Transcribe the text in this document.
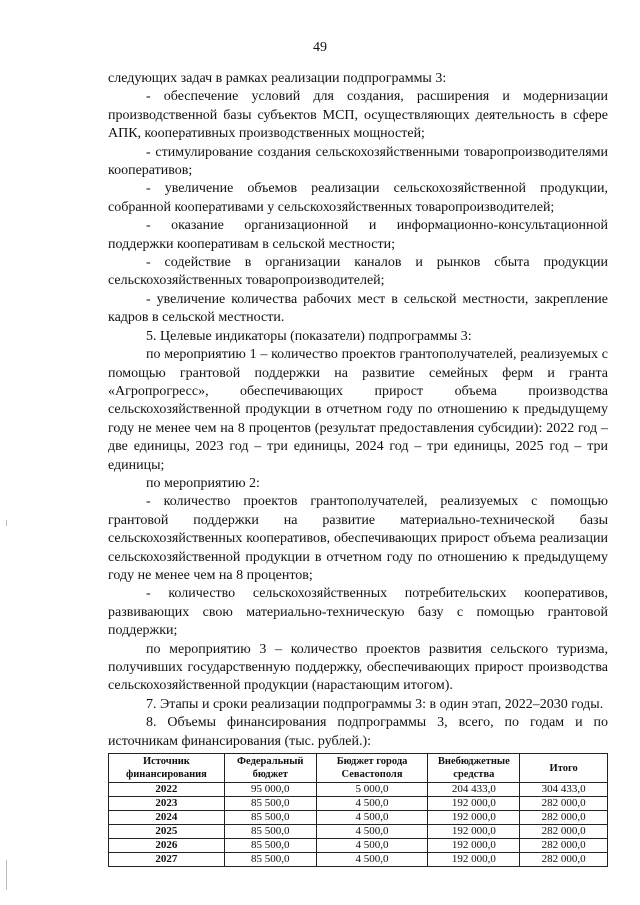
49

следующих задач в рамках реализации подпрограммы 3:

- обеспечение условий для создания, расширения и модернизации производственной базы субъектов МСП, осуществляющих деятельность в сфере АПК, кооперативных производственных мощностей;

- стимулирование создания сельскохозяйственными товаропроизводителями кооперативов;

- увеличение объемов реализации сельскохозяйственной продукции, собранной кооперативами у сельскохозяйственных товаропроизводителей;

- оказание организационной и информационно-консультационной поддержки кооперативам в сельской местности;

- содействие в организации каналов и рынков сбыта продукции сельскохозяйственных товаропроизводителей;

- увеличение количества рабочих мест в сельской местности, закрепление кадров в сельской местности.

5. Целевые индикаторы (показатели) подпрограммы 3:

по мероприятию 1 – количество проектов грантополучателей, реализуемых с помощью грантовой поддержки на развитие семейных ферм и гранта «Агропрогресс», обеспечивающих прирост объема производства сельскохозяйственной продукции в отчетном году по отношению к предыдущему году не менее чем на 8 процентов (результат предоставления субсидии): 2022 год – две единицы, 2023 год – три единицы, 2024 год – три единицы, 2025 год – три единицы;

по мероприятию 2:

- количество проектов грантополучателей, реализуемых с помощью грантовой поддержки на развитие материально-технической базы сельскохозяйственных кооперативов, обеспечивающих прирост объема реализации сельскохозяйственной продукции в отчетном году по отношению к предыдущему году не менее чем на 8 процентов;

- количество сельскохозяйственных потребительских кооперативов, развивающих свою материально-техническую базу с помощью грантовой поддержки;

по мероприятию 3 – количество проектов развития сельского туризма, получивших государственную поддержку, обеспечивающих прирост производства сельскохозяйственной продукции (нарастающим итогом).

7. Этапы и сроки реализации подпрограммы 3: в один этап, 2022–2030 годы.

8. Объемы финансирования подпрограммы 3, всего, по годам и по источникам финансирования (тыс. рублей.):

Источник финансирования	Федеральный бюджет	Бюджет города Севастополя	Внебюджетные средства	Итого
2022	95 000,0	5 000,0	204 433,0	304 433,0
2023	85 500,0	4 500,0	192 000,0	282 000,0
2024	85 500,0	4 500,0	192 000,0	282 000,0
2025	85 500,0	4 500,0	192 000,0	282 000,0
2026	85 500,0	4 500,0	192 000,0	282 000,0
2027	85 500,0	4 500,0	192 000,0	282 000,0
